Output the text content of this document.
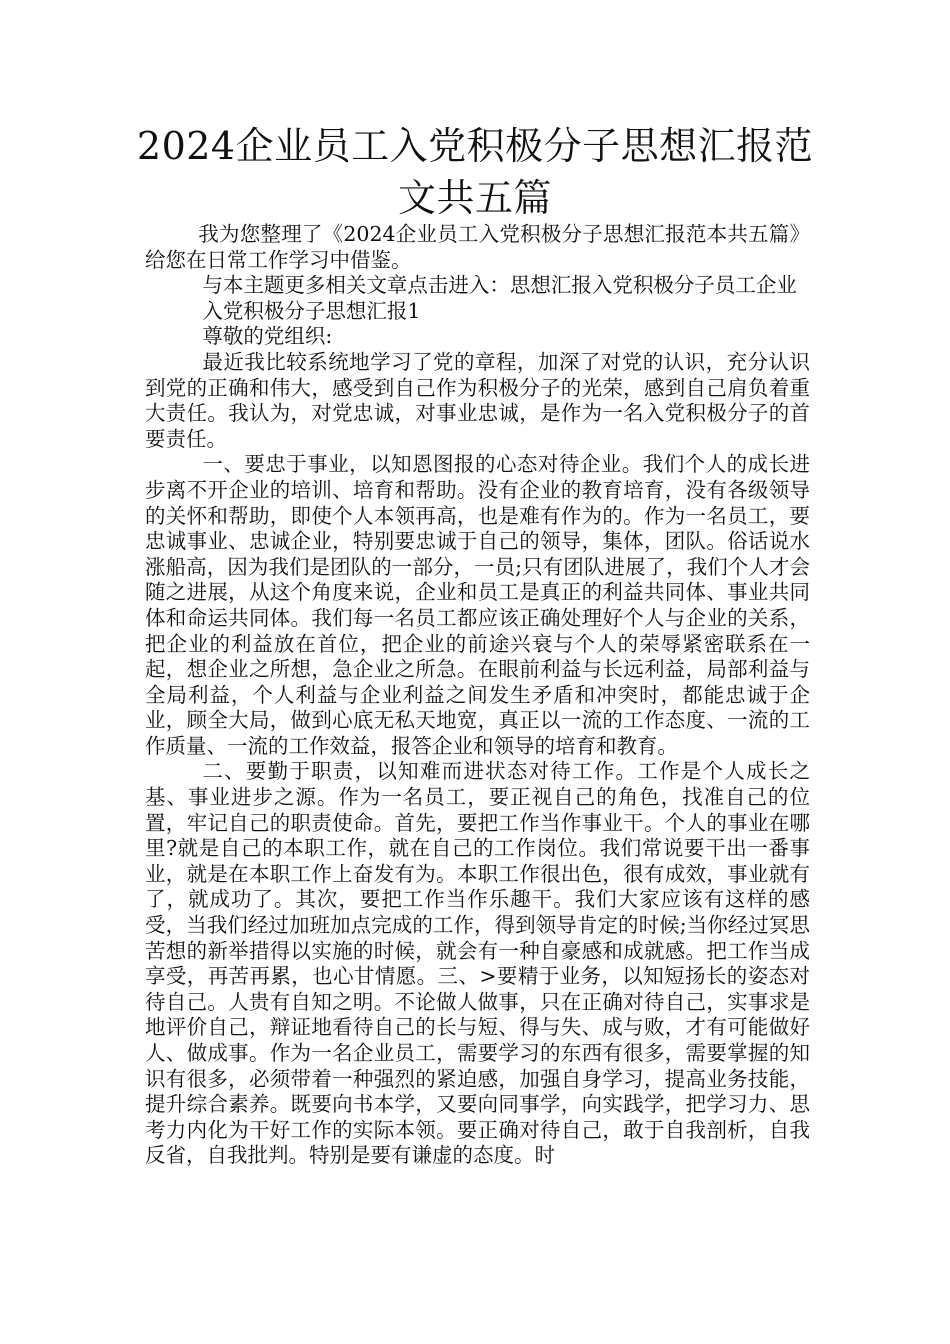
2024企业员工入党积极分子思想汇报范文共五篇

我为您整理了《2024企业员工入党积极分子思想汇报范本共五篇》给您在日常工作学习中借鉴。

与本主题更多相关文章点击进入：思想汇报入党积极分子员工企业

入党积极分子思想汇报1

尊敬的党组织:

最近我比较系统地学习了党的章程，加深了对党的认识，充分认识到党的正确和伟大，感受到自己作为积极分子的光荣，感到自己肩负着重大责任。我认为，对党忠诚，对事业忠诚，是作为一名入党积极分子的首要责任。

一、要忠于事业，以知恩图报的心态对待企业。我们个人的成长进步离不开企业的培训、培育和帮助。没有企业的教育培育，没有各级领导的关怀和帮助，即使个人本领再高，也是难有作为的。作为一名员工，要忠诚事业、忠诚企业，特别要忠诚于自己的领导，集体，团队。俗话说水涨船高，因为我们是团队的一部分，一员;只有团队进展了，我们个人才会随之进展，从这个角度来说，企业和员工是真正的利益共同体、事业共同体和命运共同体。我们每一名员工都应该正确处理好个人与企业的关系，把企业的利益放在首位，把企业的前途兴衰与个人的荣辱紧密联系在一起，想企业之所想，急企业之所急。在眼前利益与长远利益，局部利益与全局利益，个人利益与企业利益之间发生矛盾和冲突时，都能忠诚于企业，顾全大局，做到心底无私天地宽，真正以一流的工作态度、一流的工作质量、一流的工作效益，报答企业和领导的培育和教育。

二、要勤于职责，以知难而进状态对待工作。工作是个人成长之基、事业进步之源。作为一名员工，要正视自己的角色，找准自己的位置，牢记自己的职责使命。首先，要把工作当作事业干。个人的事业在哪里?就是自己的本职工作，就在自己的工作岗位。我们常说要干出一番事业，就是在本职工作上奋发有为。本职工作很出色，很有成效，事业就有了，就成功了。其次，要把工作当作乐趣干。我们大家应该有这样的感受，当我们经过加班加点完成的工作，得到领导肯定的时候;当你经过冥思苦想的新举措得以实施的时候，就会有一种自豪感和成就感。把工作当成享受，再苦再累，也心甘情愿。三、>要精于业务，以知短扬长的姿态对待自己。人贵有自知之明。不论做人做事，只在正确对待自己，实事求是地评价自己，辩证地看待自己的长与短、得与失、成与败，才有可能做好人、做成事。作为一名企业员工，需要学习的东西有很多，需要掌握的知识有很多，必须带着一种强烈的紧迫感，加强自身学习，提高业务技能，提升综合素养。既要向书本学，又要向同事学，向实践学，把学习力、思考力内化为干好工作的实际本领。要正确对待自己，敢于自我剖析，自我反省，自我批判。特别是要有谦虚的态度。时
